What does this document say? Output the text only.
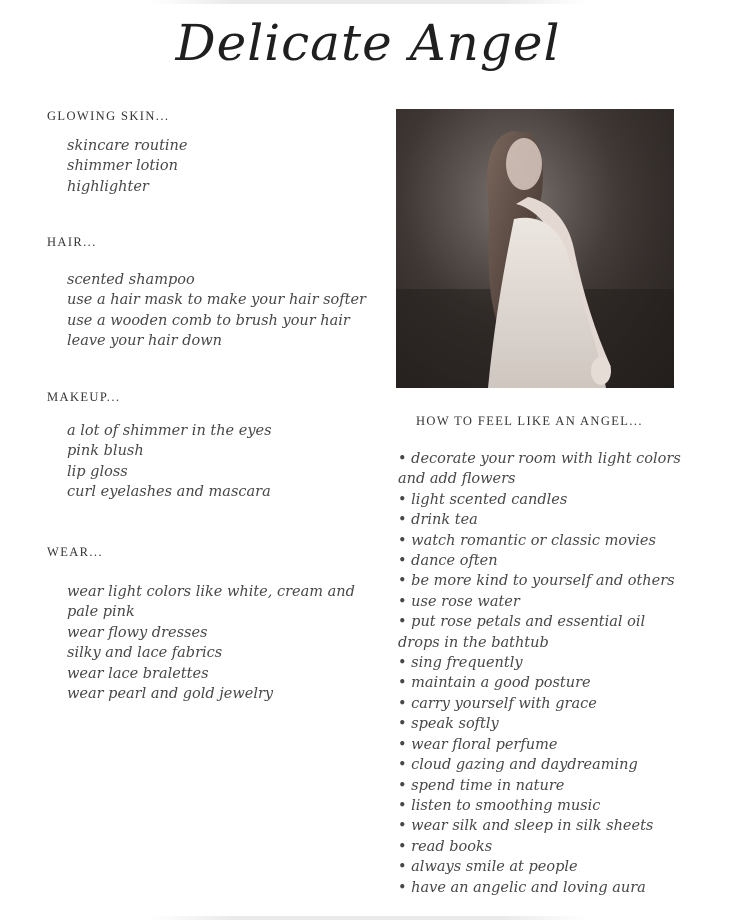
Delicate Angel
GLOWING SKIN...
skincare routine
shimmer lotion
highlighter
HAIR...
scented shampoo
use a hair mask to make your hair softer
use a wooden comb to brush your hair
leave your hair down
MAKEUP...
a lot of shimmer in the eyes
pink blush
lip gloss
curl eyelashes and mascara
WEAR...
wear light colors like white, cream and
pale pink
wear flowy dresses
silky and lace fabrics
wear lace bralettes
wear pearl and gold jewelry
HOW TO FEEL LIKE AN ANGEL...
• decorate your room with light colors and add flowers
• light scented candles
• drink tea
• watch romantic or classic movies
• dance often
• be more kind to yourself and others
• use rose water
• put rose petals and essential oil drops in the bathtub
• sing frequently
• maintain a good posture
• carry yourself with grace
• speak softly
• wear floral perfume
• cloud gazing and daydreaming
• spend time in nature
• listen to smoothing music
• wear silk and sleep in silk sheets
• read books
• always smile at people
• have an angelic and loving aura
